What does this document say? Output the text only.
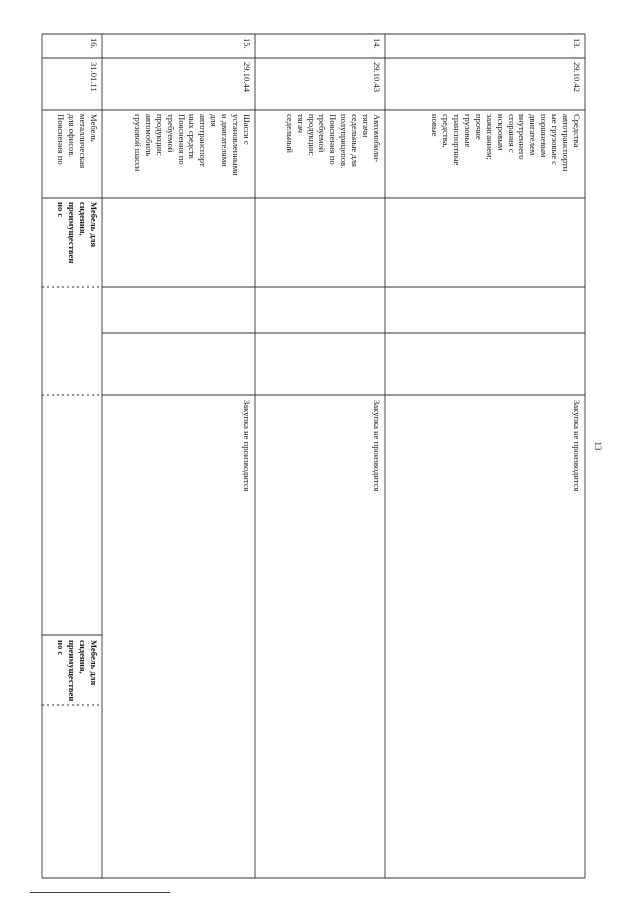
13
13.
29.10.42
Средства
автотранспортн
ые грузовые с
поршневым
двигателем
внутреннего
сгорания с
искровым
зажиганием;
прочие
грузовые
транспортные
средства,
новые
Закупка не производится
14.
29.10.43
Автомобили-
тягачи
седельные для
полуприцепов.
Пояснения по
требуемой
продукции:
тягач
седельный
Закупка не производится
15.
29.10.44
Шасси с
установленными
и двигателями
для
автотранспорт
ных средств
Пояснения по
требуемой
продукции:
автомобиль
грузовой шасси
Закупка не производится
16.
31.01.11
Мебель
металлическая
для офисов.
Пояснения по
Мебель для
сидения,
преимуществен
но с
Мебель для
сидения,
преимуществен
но с
